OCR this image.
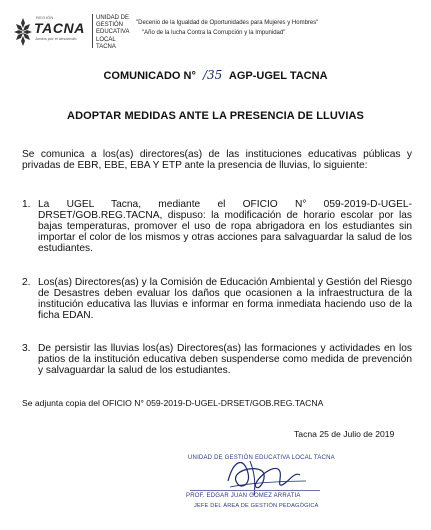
REGIÓN
TACNA
Juntos por el desarrollo
UNIDAD DE GESTIÓN EDUCATIVA LOCAL TACNA
"Decenio de la Igualdad de Oportunidades para Mujeres y Hombres"
"Año de la lucha Contra la Corrupción y la Impunidad"
COMUNICADO N° /35 AGP-UGEL TACNA
ADOPTAR MEDIDAS ANTE LA PRESENCIA DE LLUVIAS
Se comunica a los(as) directores(as) de las instituciones educativas públicas y privadas de EBR, EBE, EBA Y ETP ante la presencia de lluvias, lo siguiente:
1. La UGEL Tacna, mediante el OFICIO N° 059-2019-D-UGEL-DRSET/GOB.REG.TACNA, dispuso: la modificación de horario escolar por las bajas temperaturas, promover el uso de ropa abrigadora en los estudiantes sin importar el color de los mismos y otras acciones para salvaguardar la salud de los estudiantes.
2. Los(as) Directores(as) y la Comisión de Educación Ambiental y Gestión del Riesgo de Desastres deben evaluar los daños que ocasionen a la infraestructura de la institución educativa las lluvias e informar en forma inmediata haciendo uso de la ficha EDAN.
3. De persistir las lluvias los(as) Directores(as) las formaciones y actividades en los patios de la institución educativa deben suspenderse como medida de prevención y salvaguardar la salud de los estudiantes.
Se adjunta copia del OFICIO N° 059-2019-D-UGEL-DRSET/GOB.REG.TACNA
Tacna 25 de Julio de 2019
UNIDAD DE GESTIÓN EDUCATIVA LOCAL TACNA
PROF. EDGAR JUAN GOMEZ ARRATIA
JEFE DEL ÁREA DE GESTIÓN PEDAGÓGICA
